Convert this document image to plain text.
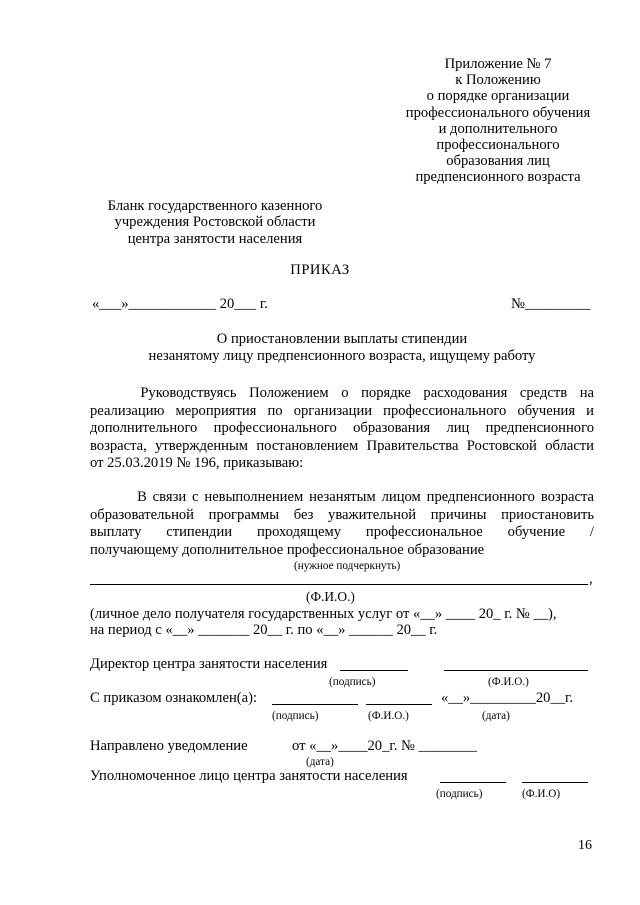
Приложение № 7
к Положению
о порядке организации
профессионального обучения
и дополнительного
профессионального
образования лиц
предпенсионного возраста
Бланк государственного казенного
учреждения Ростовской области
центра занятости населения
ПРИКАЗ
«___»____________ 20___ г.	№_________
О приостановлении выплаты стипендии
незанятому лицу предпенсионного возраста, ищущему работу
Руководствуясь  Положением  о  порядке  расходования  средств  на
реализацию мероприятия по организации профессионального обучения и
дополнительного профессионального образования лиц предпенсионного
возраста, утвержденным постановлением Правительства Ростовской области
от 25.03.2019 № 196, приказываю:
В связи с невыполнением незанятым лицом предпенсионного возраста
образовательной программы без уважительной причины приостановить
выплату     стипендии     проходящему     профессиональное     обучение     /
получающему дополнительное профессиональное образование
(нужное подчеркнуть)
,
(Ф.И.О.)
(личное дело получателя государственных услуг от «__» ____ 20_ г. № __),
на период с «__» _______ 20__ г. по «__» ______ 20__ г.
Директор центра занятости населения
(подпись)	(Ф.И.О.)
С приказом ознакомлен(а):	«__»_________20__г.
(подпись)	(Ф.И.О.)	(дата)
Направлено уведомление	от «__»____20_г. № ________
(дата)
Уполномоченное лицо центра занятости населения
(подпись)	(Ф.И.О)
16
